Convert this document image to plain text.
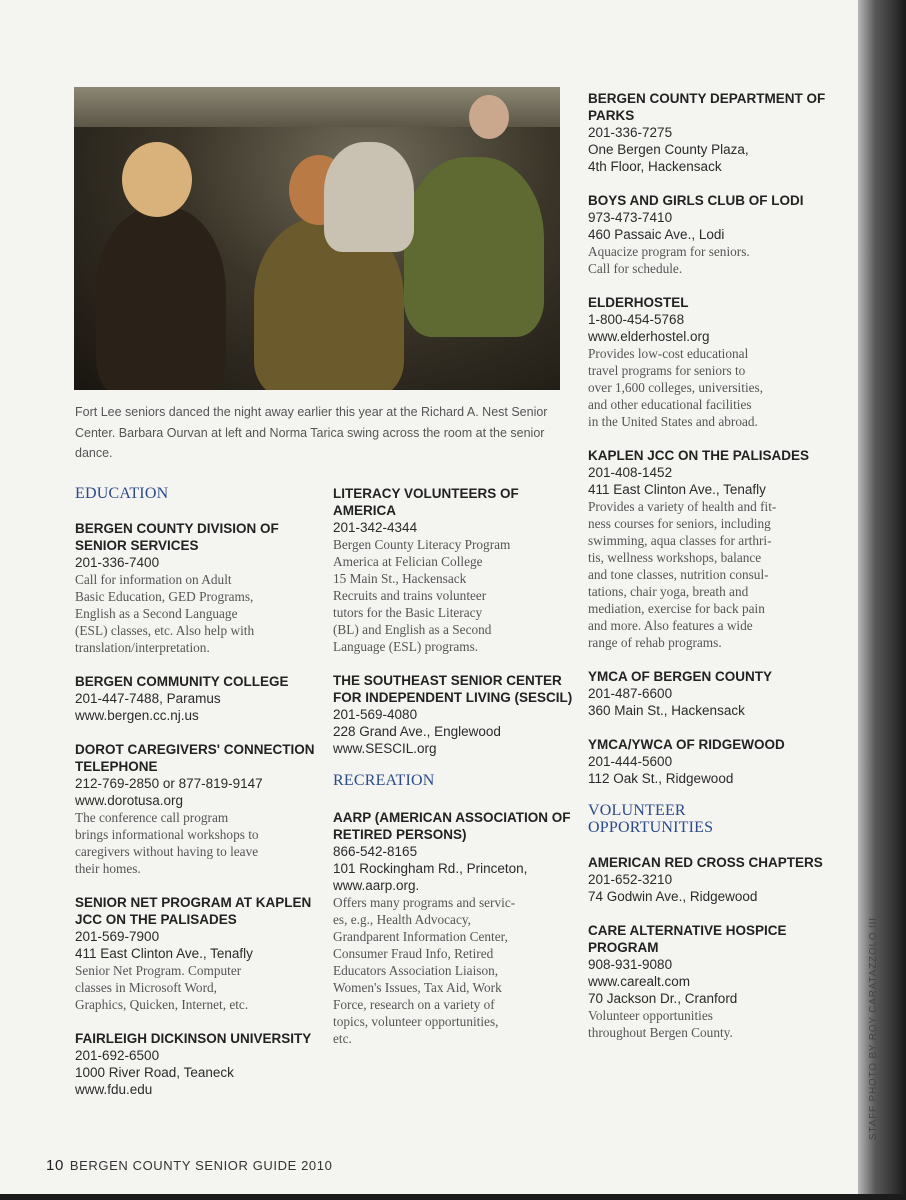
Fort Lee seniors danced the night away earlier this year at the Richard A. Nest Senior Center. Barbara Ourvan at left and Norma Tarica swing across the room at the senior dance.
EDUCATION

BERGEN COUNTY DIVISION OF SENIOR SERVICES

201-336-7400
Call for information on Adult
Basic Education, GED Programs,
English as a Second Language
(ESL) classes, etc. Also help with
translation/interpretation.

BERGEN COMMUNITY COLLEGE

201-447-7488, Paramus
www.bergen.cc.nj.us

DOROT CAREGIVERS' CONNECTION TELEPHONE

212-769-2850 or 877-819-9147
www.dorotusa.org
The conference call program
brings informational workshops to
caregivers without having to leave
their homes.

SENIOR NET PROGRAM AT KAPLEN JCC ON THE PALISADES

201-569-7900
411 East Clinton Ave., Tenafly
Senior Net Program. Computer
classes in Microsoft Word,
Graphics, Quicken, Internet, etc.

FAIRLEIGH DICKINSON UNIVERSITY

201-692-6500
1000 River Road, Teaneck
www.fdu.edu

LITERACY VOLUNTEERS OF AMERICA

201-342-4344
Bergen County Literacy Program
America at Felician College
15 Main St., Hackensack
Recruits and trains volunteer
tutors for the Basic Literacy
(BL) and English as a Second
Language (ESL) programs.

THE SOUTHEAST SENIOR CENTER FOR INDEPENDENT LIVING (SESCIL)

201-569-4080
228 Grand Ave., Englewood
www.SESCIL.org
RECREATION

AARP (AMERICAN ASSOCIATION OF RETIRED PERSONS)

866-542-8165
101 Rockingham Rd., Princeton,
www.aarp.org.
Offers many programs and servic-
es, e.g., Health Advocacy,
Grandparent Information Center,
Consumer Fraud Info, Retired
Educators Association Liaison,
Women's Issues, Tax Aid, Work
Force, research on a variety of
topics, volunteer opportunities,
etc.

BERGEN COUNTY DEPARTMENT OF PARKS

201-336-7275
One Bergen County Plaza,
4th Floor, Hackensack

BOYS AND GIRLS CLUB OF LODI

973-473-7410
460 Passaic Ave., Lodi
Aquacize program for seniors.
Call for schedule.

ELDERHOSTEL

1-800-454-5768
www.elderhostel.org
Provides low-cost educational
travel programs for seniors to
over 1,600 colleges, universities,
and other educational facilities
in the United States and abroad.

KAPLEN JCC ON THE PALISADES

201-408-1452
411 East Clinton Ave., Tenafly
Provides a variety of health and fit-
ness courses for seniors, including
swimming, aqua classes for arthri-
tis, wellness workshops, balance
and tone classes, nutrition consul-
tations, chair yoga, breath and
mediation, exercise for back pain
and more. Also features a wide
range of rehab programs.

YMCA OF BERGEN COUNTY

201-487-6600
360 Main St., Hackensack

YMCA/YWCA OF RIDGEWOOD

201-444-5600
112 Oak St., Ridgewood
VOLUNTEER OPPORTUNITIES

AMERICAN RED CROSS CHAPTERS

201-652-3210
74 Godwin Ave., Ridgewood

CARE ALTERNATIVE HOSPICE PROGRAM

908-931-9080
www.carealt.com
70 Jackson Dr., Cranford
Volunteer opportunities
throughout Bergen County.	STAFF PHOTO BY ROY CARATAZZOLO III
10 BERGEN COUNTY SENIOR GUIDE 2010
